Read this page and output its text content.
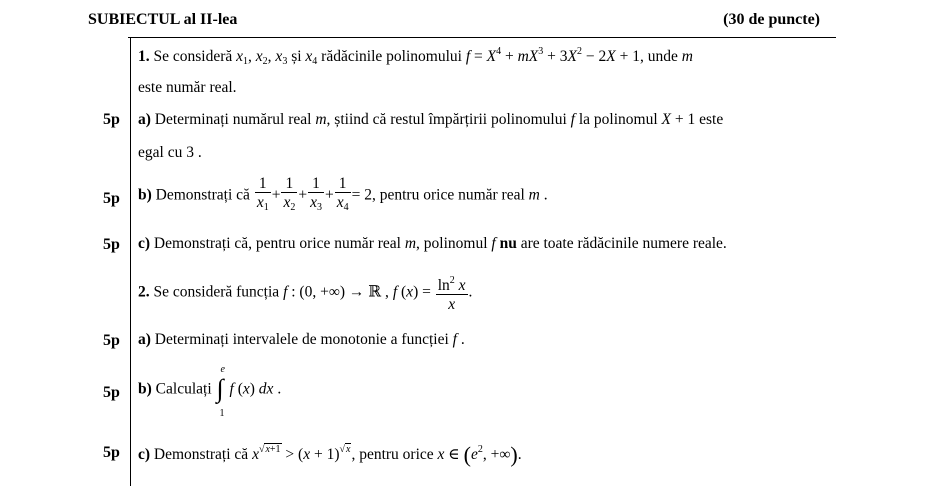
SUBIECTUL al II-lea	(30 de puncte)
1. Se consideră $x_1$, $x_2$, $x_3$ și $x_4$ rădăcinile polinomului $f = X^4 + mX^3 + 3X^2 - 2X + 1$, unde m
este număr real.
5p a) Determinați numărul real m, știind că restul împărțirii polinomului f la polinomul X + 1 este
egal cu 3 .
5p b) Demonstrați că $\frac{1}{x_1} + \frac{1}{x_2} + \frac{1}{x_3} + \frac{1}{x_4} = 2$, pentru orice număr real m .
5p c) Demonstrați că, pentru orice număr real m, polinomul f nu are toate rădăcinile numere reale.
2. Se consideră funcția f : (0, +∞) → ℝ , f $(x) = \frac{\ln^2 x}{x}$ .
5p a) Determinați intervalele de monotonie a funcției f .
5p b) Calculați
e
∫
1
f (x) dx .
5p c) Demonstrați că $x^{√x+1} > (x + 1)^{√x}$, pentru orice x ∈ ($e^2$, +∞).
